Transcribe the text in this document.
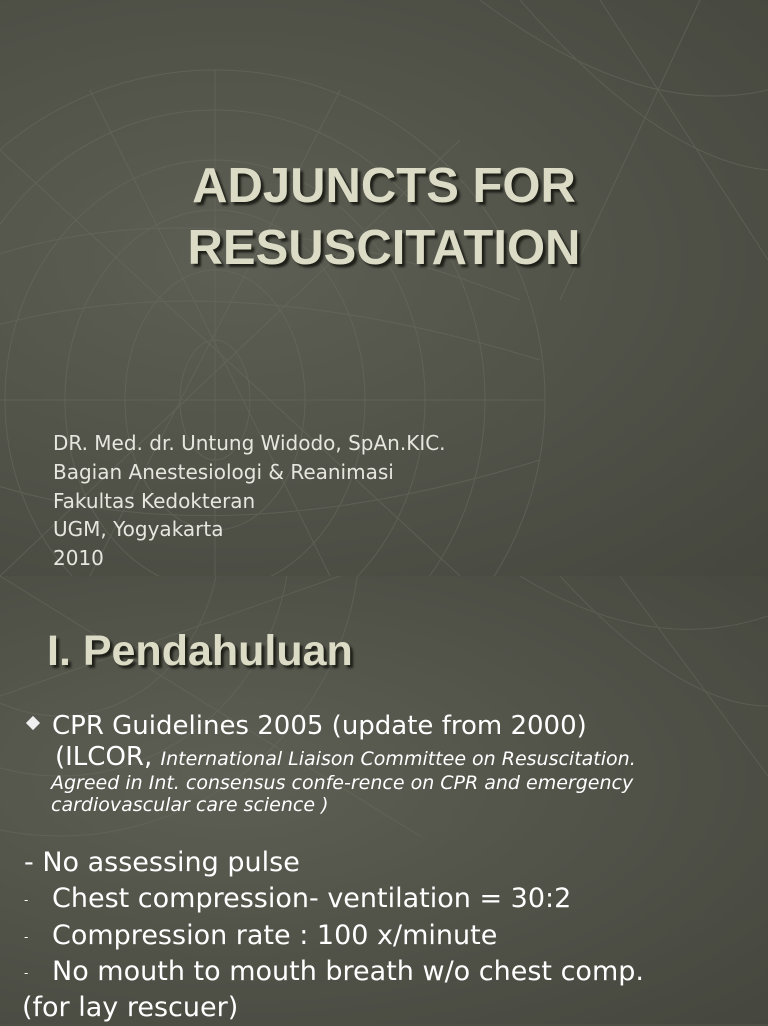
ADJUNCTS FOR
RESUSCITATION
DR. Med. dr. Untung Widodo, SpAn.KIC.
Bagian Anestesiologi & Reanimasi
Fakultas Kedokteran
UGM, Yogyakarta
2010
I. Pendahuluan
CPR Guidelines 2005 (update from 2000)
(ILCOR, International Liaison Committee on Resuscitation.
Agreed in Int. consensus confe-rence on CPR and emergency
cardiovascular care science )
- No assessing pulse
- Chest compression- ventilation = 30:2
- Compression rate : 100 x/minute
- No mouth to mouth breath w/o chest comp.
(for lay rescuer)
